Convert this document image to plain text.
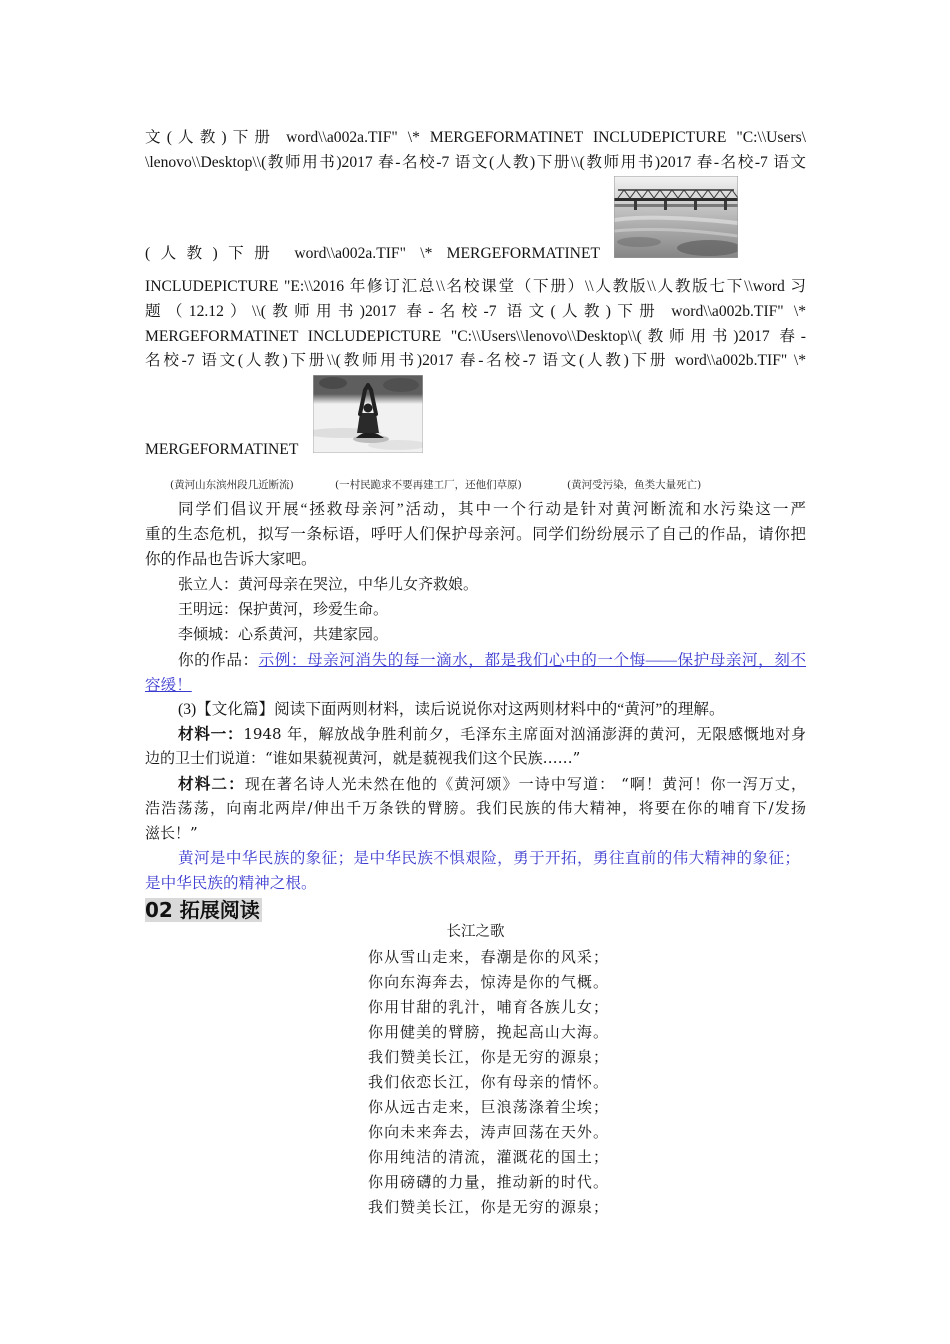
文(人教)下册 word\\a002a.TIF" \* MERGEFORMATINET INCLUDEPICTURE "C:\\Users\
\lenovo\\Desktop\\(教师用书)2017 春-名校-7 语文(人教)下册\\(教师用书)2017 春-名校-7 语文
(人教)下册 word\\a002a.TIF" \* MERGEFORMATINET
INCLUDEPICTURE "E:\\2016 年修订汇总\\名校课堂（下册）\\人教版\\人教版七下\\word 习
题（12.12）\\(教师用书)2017 春-名校-7 语文(人教)下册 word\\a002b.TIF" \*
MERGEFORMATINET INCLUDEPICTURE "C:\\Users\\lenovo\\Desktop\\(教师用书)2017 春-
名校-7 语文(人教)下册\\(教师用书)2017 春-名校-7 语文(人教)下册 word\\a002b.TIF" \*
MERGEFORMATINET
(黄河山东滨州段几近断流)	(一村民跪求不要再建工厂，还他们草原)	(黄河受污染，鱼类大量死亡)
同学们倡议开展“拯救母亲河”活动，其中一个行动是针对黄河断流和水污染这一严
重的生态危机，拟写一条标语，呼吁人们保护母亲河。同学们纷纷展示了自己的作品，请你把
你的作品也告诉大家吧。
张立人：黄河母亲在哭泣，中华儿女齐救娘。
王明远：保护黄河，珍爱生命。
李倾城：心系黄河，共建家园。
你的作品：示例：母亲河消失的每一滴水，都是我们心中的一个悔——保护母亲河，刻不
容缓！
(3)【文化篇】阅读下面两则材料，读后说说你对这两则材料中的“黄河”的理解。
材料一：1948 年，解放战争胜利前夕，毛泽东主席面对汹涌澎湃的黄河，无限感慨地对身
边的卫士们说道：“谁如果藐视黄河，就是藐视我们这个民族……”
材料二：现在著名诗人光未然在他的《黄河颂》一诗中写道： “啊！黄河！你一泻万丈，
浩浩荡荡，向南北两岸/伸出千万条铁的臂膀。我们民族的伟大精神，将要在你的哺育下/发扬
滋长！”
黄河是中华民族的象征；是中华民族不惧艰险，勇于开拓，勇往直前的伟大精神的象征；
是中华民族的精神之根。
02 拓展阅读
长江之歌
你从雪山走来，春潮是你的风采；
你向东海奔去，惊涛是你的气概。
你用甘甜的乳汁，哺育各族儿女；
你用健美的臂膀，挽起高山大海。
我们赞美长江，你是无穷的源泉；
我们依恋长江，你有母亲的情怀。
你从远古走来，巨浪荡涤着尘埃；
你向未来奔去，涛声回荡在天外。
你用纯洁的清流，灌溉花的国土；
你用磅礴的力量，推动新的时代。
我们赞美长江，你是无穷的源泉；
